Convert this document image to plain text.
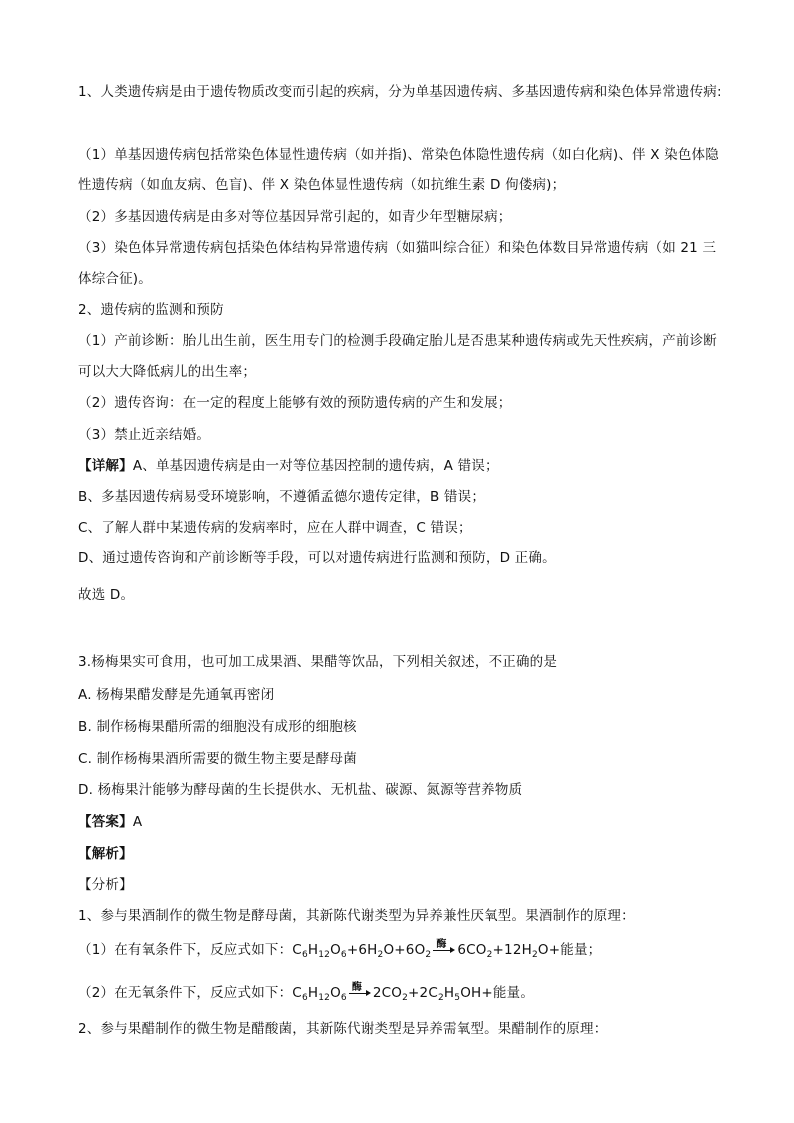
1、人类遗传病是由于遗传物质改变而引起的疾病，分为单基因遗传病、多基因遗传病和染色体异常遗传病:
（1）单基因遗传病包括常染色体显性遗传病（如并指)、常染色体隐性遗传病（如白化病)、伴 X 染色体隐
性遗传病（如血友病、色盲)、伴 X 染色体显性遗传病（如抗维生素 D 佝偻病)；
（2）多基因遗传病是由多对等位基因异常引起的，如青少年型糖尿病；
（3）染色体异常遗传病包括染色体结构异常遗传病（如猫叫综合征）和染色体数目异常遗传病（如 21 三
体综合征)。
2、遗传病的监测和预防
（1）产前诊断：胎儿出生前，医生用专门的检测手段确定胎儿是否患某种遗传病或先天性疾病，产前诊断
可以大大降低病儿的出生率；
（2）遗传咨询：在一定的程度上能够有效的预防遗传病的产生和发展；
（3）禁止近亲结婚。
【详解】A、单基因遗传病是由一对等位基因控制的遗传病，A 错误；
B、多基因遗传病易受环境影响，不遵循孟德尔遗传定律，B 错误；
C、了解人群中某遗传病的发病率时，应在人群中调查，C 错误；
D、通过遗传咨询和产前诊断等手段，可以对遗传病进行监测和预防，D 正确。
故选 D。
3.杨梅果实可食用，也可加工成果酒、果醋等饮品，下列相关叙述，不正确的是
A. 杨梅果醋发酵是先通氧再密闭
B. 制作杨梅果醋所需的细胞没有成形的细胞核
C. 制作杨梅果酒所需要的微生物主要是酵母菌
D. 杨梅果汁能够为酵母菌的生长提供水、无机盐、碳源、氮源等营养物质
【答案】A
【解析】
【分析】
1、参与果酒制作的微生物是酵母菌，其新陈代谢类型为异养兼性厌氧型。果酒制作的原理：
（1）在有氧条件下，反应式如下：$C_6H_{12}O_6+6H_2O+6O_2$
酶 $6CO_2+12H_2O+$能量；
（2）在无氧条件下，反应式如下：$C_6H_{12}O_6$
酶 $2CO_2+2C_2H_5OH+$能量。
2、参与果醋制作的微生物是醋酸菌，其新陈代谢类型是异养需氧型。果醋制作的原理：
